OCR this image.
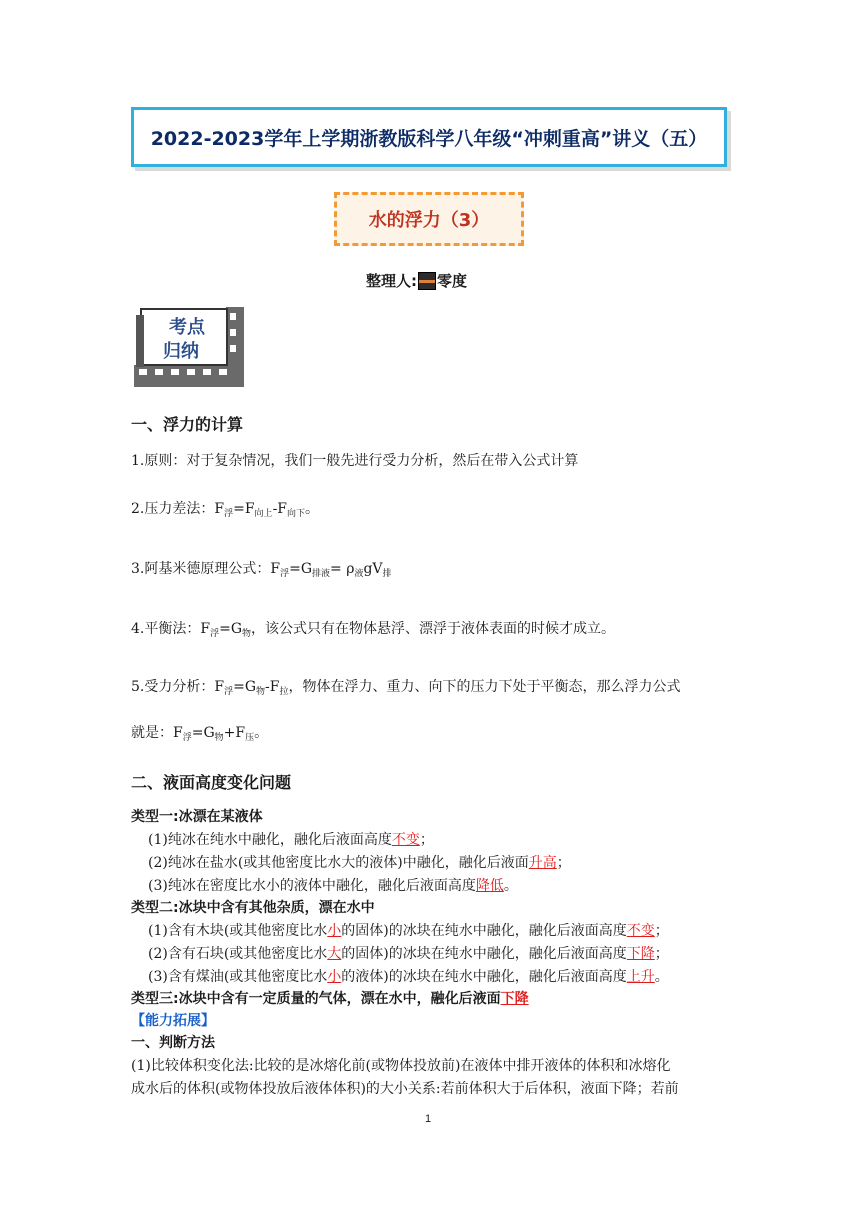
2022-2023学年上学期浙教版科学八年级“冲刺重高”讲义（五）
水的浮力（3）
整理人: 零度
考点
归纳
一、浮力的计算
1.原则：对于复杂情况，我们一般先进行受力分析，然后在带入公式计算
2.压力差法：$F_浮=F_{向上}-F_{向下}$。
3.阿基米德原理公式：$F_浮=G_{排液}= \rho_液gV_排$
4.平衡法：$F_浮=G_物$，该公式只有在物体悬浮、漂浮于液体表面的时候才成立。
5.受力分析：$F_浮=G_物-F_拉$，物体在浮力、重力、向下的压力下处于平衡态，那么浮力公式
就是：$F_浮=G_物+F_压$。
二、液面高度变化问题
类型一:冰漂在某液体
(1)纯冰在纯水中融化，融化后液面高度不变；
(2)纯冰在盐水(或其他密度比水大的液体)中融化，融化后液面升高；
(3)纯冰在密度比水小的液体中融化，融化后液面高度降低。
类型二:冰块中含有其他杂质，漂在水中
(1)含有木块(或其他密度比水小的固体)的冰块在纯水中融化，融化后液面高度不变；
(2)含有石块(或其他密度比水大的固体)的冰块在纯水中融化，融化后液面高度下降；
(3)含有煤油(或其他密度比水小的液体)的冰块在纯水中融化，融化后液面高度上升。
类型三:冰块中含有一定质量的气体，漂在水中，融化后液面下降
【能力拓展】
一、判断方法
(1)比较体积变化法:比较的是冰熔化前(或物体投放前)在液体中排开液体的体积和冰熔化
成水后的体积(或物体投放后液体体积)的大小关系:若前体积大于后体积，液面下降；若前
1
